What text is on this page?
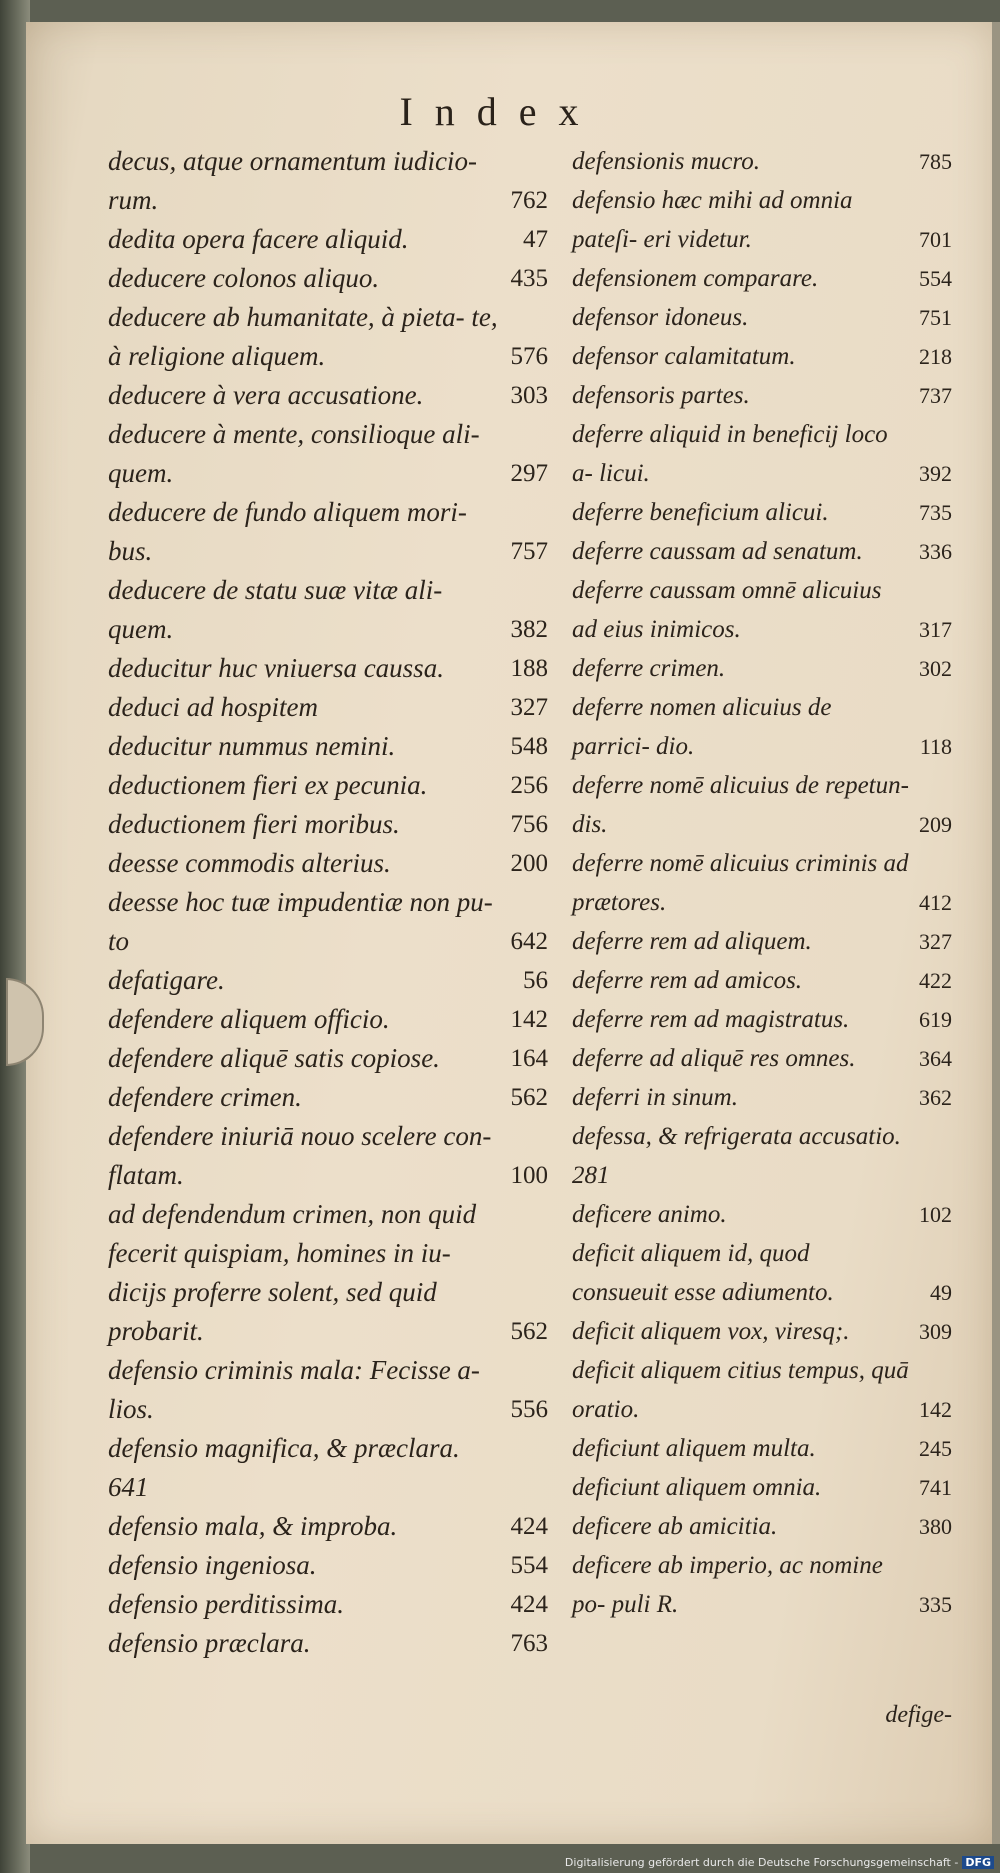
Index
decus, atque ornamentum iudicio- rum.	762
dedita opera facere aliquid.	47
deducere colonos aliquo.	435
deducere ab humanitate, à pieta- te, à religione aliquem.	576
deducere à vera accusatione.	303
deducere à mente, consilioque ali- quem.	297
deducere de fundo aliquem mori- bus.	757
deducere de statu suæ vitæ ali- quem.	382
deducitur huc vniuersa caussa.	188
deduci ad hospitem	327
deducitur nummus nemini.	548
deductionem fieri ex pecunia.	256
deductionem fieri moribus.	756
deesse commodis alterius.	200
deesse hoc tuæ impudentiæ non pu- to	642
defatigare.	56
defendere aliquem officio.	142
defendere aliquē satis copiose.	164
defendere crimen.	562
defendere iniuriā nouo scelere con- flatam.	100
ad defendendum crimen, non quid fecerit quispiam, homines in iu- dicijs proferre solent, sed quid probarit.	562
defensio criminis mala: Fecisse a- lios.	556
defensio magnifica, & præclara. 641
defensio mala, & improba.	424
defensio ingeniosa.	554
defensio perditissima.	424
defensio præclara.	763
defensionis mucro.	785
defensio hæc mihi ad omnia pateſi- eri videtur.	701
defensionem comparare.	554
defensor idoneus.	751
defensor calamitatum.	218
defensoris partes.	737
deferre aliquid in beneficij loco a- licui.	392
deferre beneficium alicui.	735
deferre caussam ad senatum.	336
deferre caussam omnē alicuius ad eius inimicos.	317
deferre crimen.	302
deferre nomen alicuius de parrici- dio.	118
deferre nomē alicuius de repetun- dis.	209
deferre nomē alicuius criminis ad prætores.	412
deferre rem ad aliquem.	327
deferre rem ad amicos.	422
deferre rem ad magistratus.	619
deferre ad aliquē res omnes.	364
deferri in sinum.	362
defessa, & refrigerata accusatio. 281
deficere animo.	102
deficit aliquem id, quod consueuit esse adiumento.	49
deficit aliquem vox, viresq;.	309
deficit aliquem citius tempus, quā oratio.	142
deficiunt aliquem multa.	245
deficiunt aliquem omnia.	741
deficere ab amicitia.	380
deficere ab imperio, ac nomine po- puli R.	335
defige-
Digitalisierung gefördert durch die Deutsche Forschungsgemeinschaft - DFG
